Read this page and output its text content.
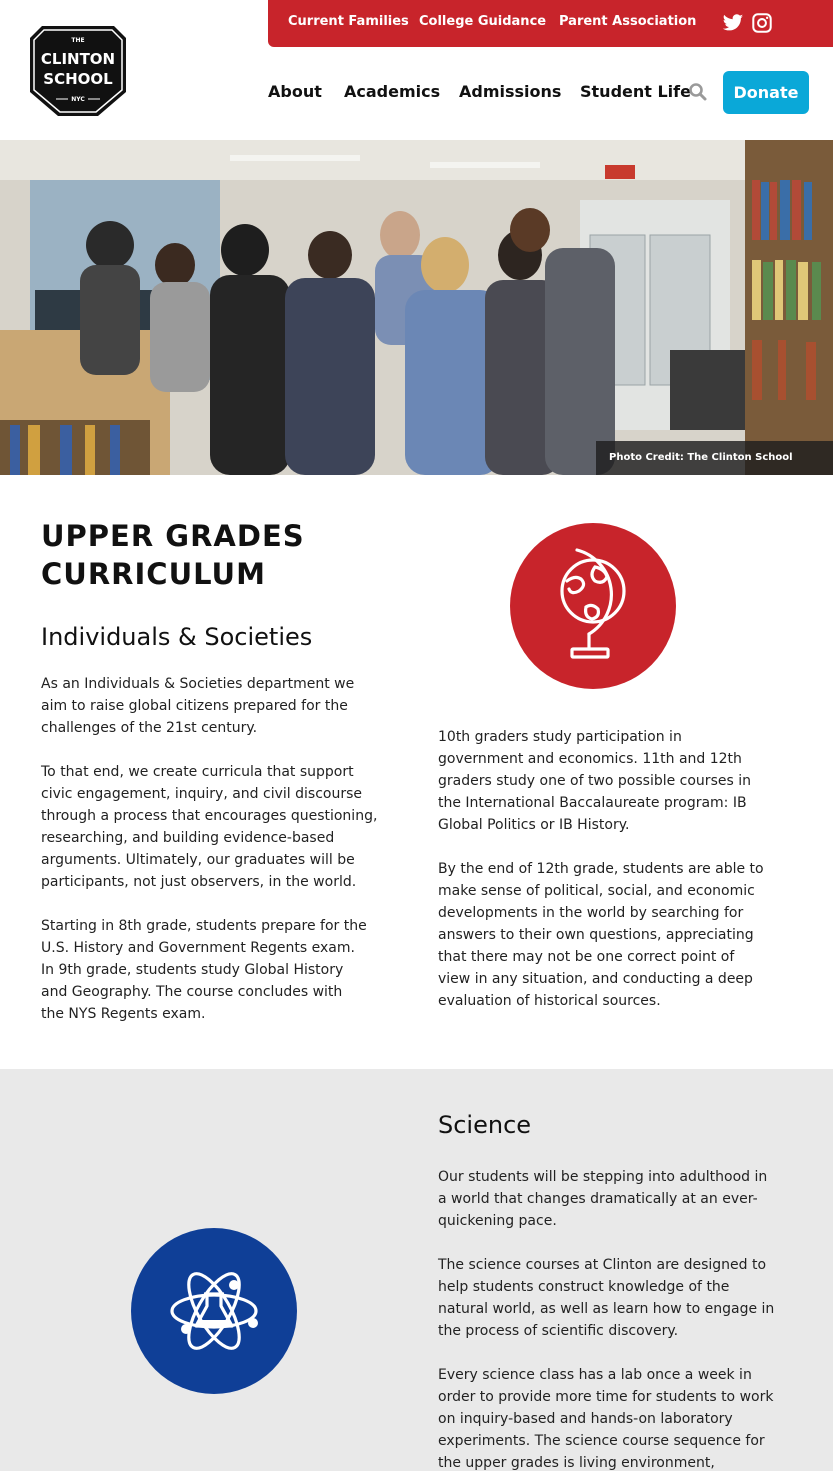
THE
CLINTON
SCHOOL
NYC
Current Families College Guidance Parent Association
About Academics Admissions Student Life	Donate
Photo Credit: The Clinton School
UPPER GRADES
CURRICULUM
Individuals & Societies
As an Individuals & Societies department we
aim to raise global citizens prepared for the
challenges of the 21st century.
To that end, we create curricula that support
civic engagement, inquiry, and civil discourse
through a process that encourages questioning,
researching, and building evidence-based
arguments. Ultimately, our graduates will be
participants, not just observers, in the world.
Starting in 8th grade, students prepare for the
U.S. History and Government Regents exam.
In 9th grade, students study Global History
and Geography. The course concludes with
the NYS Regents exam.
10th graders study participation in
government and economics. 11th and 12th
graders study one of two possible courses in
the International Baccalaureate program: IB
Global Politics or IB History.
By the end of 12th grade, students are able to
make sense of political, social, and economic
developments in the world by searching for
answers to their own questions, appreciating
that there may not be one correct point of
view in any situation, and conducting a deep
evaluation of historical sources.
Science
Our students will be stepping into adulthood in
a world that changes dramatically at an ever-
quickening pace.
The science courses at Clinton are designed to
help students construct knowledge of the
natural world, as well as learn how to engage in
the process of scientific discovery.
Every science class has a lab once a week in
order to provide more time for students to work
on inquiry-based and hands-on laboratory
experiments. The science course sequence for
the upper grades is living environment,
